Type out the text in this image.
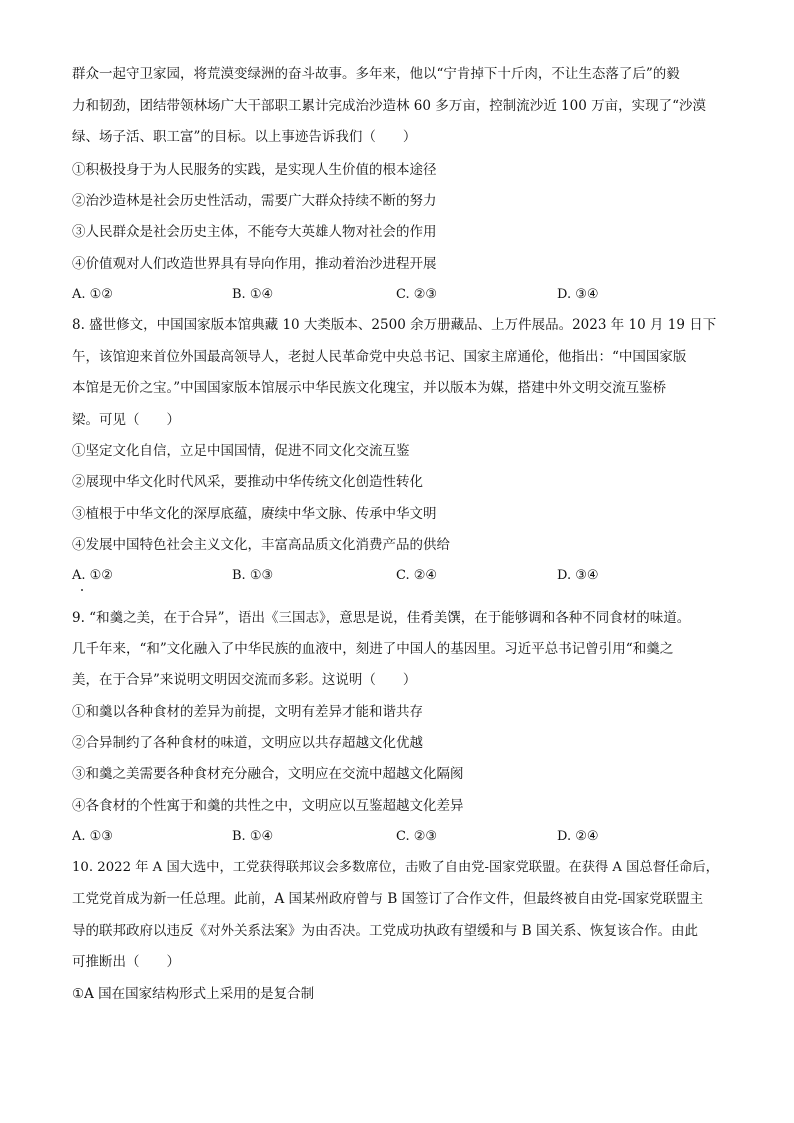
群众一起守卫家园，将荒漠变绿洲的奋斗故事。多年来，他以“宁肯掉下十斤肉，不让生态落了后”的毅
力和韧劲，团结带领林场广大干部职工累计完成治沙造林 60 多万亩，控制流沙近 100 万亩，实现了“沙漠
绿、场子活、职工富”的目标。以上事迹告诉我们（　　）
①积极投身于为人民服务的实践，是实现人生价值的根本途径
②治沙造林是社会历史性活动，需要广大群众持续不断的努力
③人民群众是社会历史主体，不能夸大英雄人物对社会的作用
④价值观对人们改造世界具有导向作用，推动着治沙进程开展
A. ①②	B. ①④	C. ②③	D. ③④
8. 盛世修文，中国国家版本馆典藏 10 大类版本、2500 余万册藏品、上万件展品。2023 年 10 月 19 日下
午，该馆迎来首位外国最高领导人，老挝人民革命党中央总书记、国家主席通伦，他指出：“中国国家版
本馆是无价之宝。”中国国家版本馆展示中华民族文化瑰宝，并以版本为媒，搭建中外文明交流互鉴桥
梁。可见（　　）
①坚定文化自信，立足中国国情，促进不同文化交流互鉴
②展现中华文化时代风采，要推动中华传统文化创造性转化
③植根于中华文化的深厚底蕴，赓续中华文脉、传承中华文明
④发展中国特色社会主义文化，丰富高品质文化消费产品的供给
A. ①②	B. ①③	C. ②④	D. ③④
9. “和羹之美，在于合异”，语出《三国志》，意思是说，佳肴美馔，在于能够调和各种不同食材的味道。
几千年来，“和”文化融入了中华民族的血液中，刻进了中国人的基因里。习近平总书记曾引用“和羹之
美，在于合异”来说明文明因交流而多彩。这说明（　　）
①和羹以各种食材的差异为前提，文明有差异才能和谐共存
②合异制约了各种食材的味道，文明应以共存超越文化优越
③和羹之美需要各种食材充分融合，文明应在交流中超越文化隔阂
④各食材的个性寓于和羹的共性之中，文明应以互鉴超越文化差异
A. ①③	B. ①④	C. ②③	D. ②④
10. 2022 年 A 国大选中，工党获得联邦议会多数席位，击败了自由党-国家党联盟。在获得 A 国总督任命后，
工党党首成为新一任总理。此前，A 国某州政府曾与 B 国签订了合作文件，但最终被自由党-国家党联盟主
导的联邦政府以违反《对外关系法案》为由否决。工党成功执政有望缓和与 B 国关系、恢复该合作。由此
可推断出（　　）
①A 国在国家结构形式上采用的是复合制
